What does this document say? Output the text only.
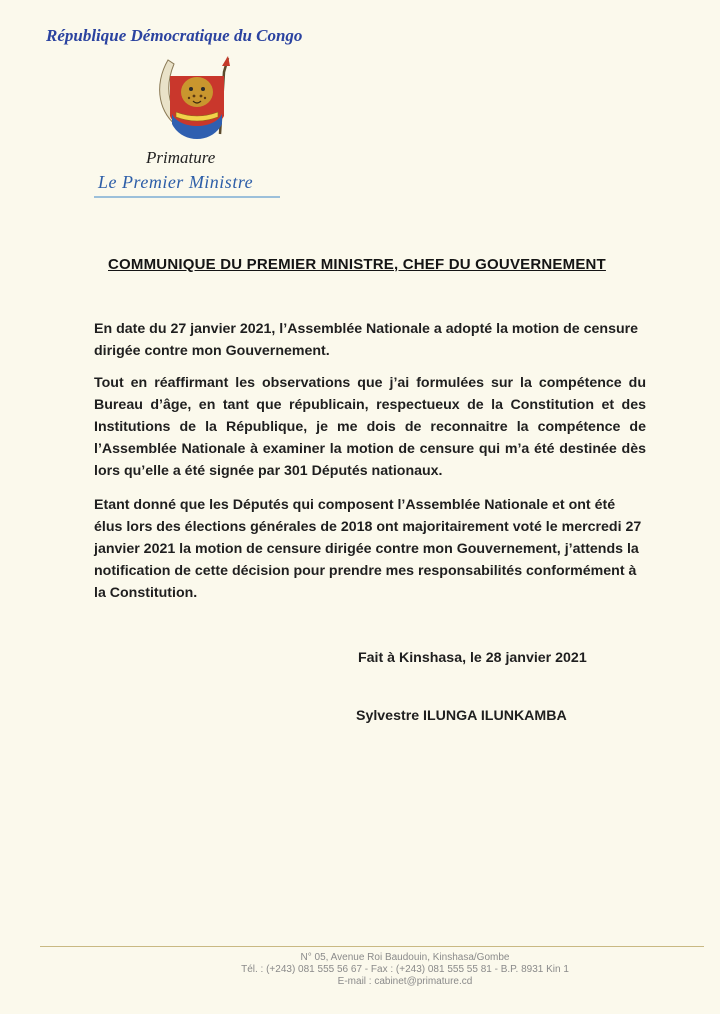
République Démocratique du Congo
Primature
Le Premier Ministre
COMMUNIQUE DU PREMIER MINISTRE, CHEF DU GOUVERNEMENT
En date du 27 janvier 2021, l’Assemblée Nationale a adopté la motion de censure dirigée contre mon Gouvernement.
Tout en réaffirmant les observations que j’ai formulées sur la compétence du Bureau d’âge, en tant que républicain, respectueux de la Constitution et des Institutions de la République, je me dois de reconnaitre la compétence de l’Assemblée Nationale à examiner la motion de censure qui m’a été destinée dès lors qu’elle a été signée par 301 Députés nationaux.
Etant donné que les Députés qui composent l’Assemblée Nationale et ont été élus lors des élections générales de 2018 ont majoritairement voté le mercredi 27 janvier 2021 la motion de censure dirigée contre mon Gouvernement, j’attends la notification de cette décision pour prendre mes responsabilités conformément à la Constitution.
Fait à Kinshasa, le 28 janvier 2021
Sylvestre ILUNGA ILUNKAMBA
N° 05, Avenue Roi Baudouin, Kinshasa/Gombe
Tél. : (+243) 081 555 56 67 - Fax : (+243) 081 555 55 81 - B.P. 8931 Kin 1
E-mail : cabinet@primature.cd
